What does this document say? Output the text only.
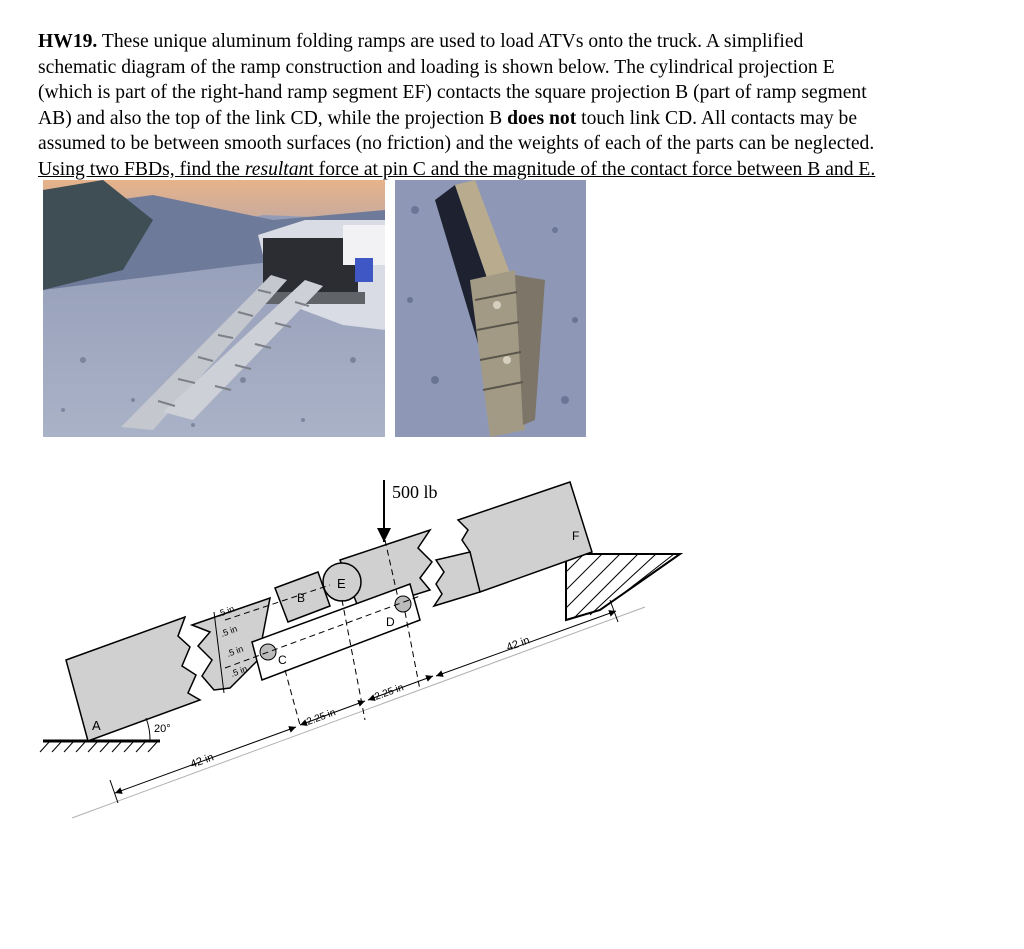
HW19. These unique aluminum folding ramps are used to load ATVs onto the truck. A simplified
schematic diagram of the ramp construction and loading is shown below. The cylindrical projection E
(which is part of the right-hand ramp segment EF) contacts the square projection B (part of ramp segment
AB) and also the top of the link CD, while the projection B does not touch link CD. All contacts may be
assumed to be between smooth surfaces (no friction) and the weights of each of the parts can be neglected.
Using two FBDs, find the resultant force at pin C and the magnitude of the contact force between B and E.
500 lb
20°
A
B
C
D
E
F
42 in
2.25 in
2.25 in
42 in
.5 in
.5 in
.5 in
.5 in
